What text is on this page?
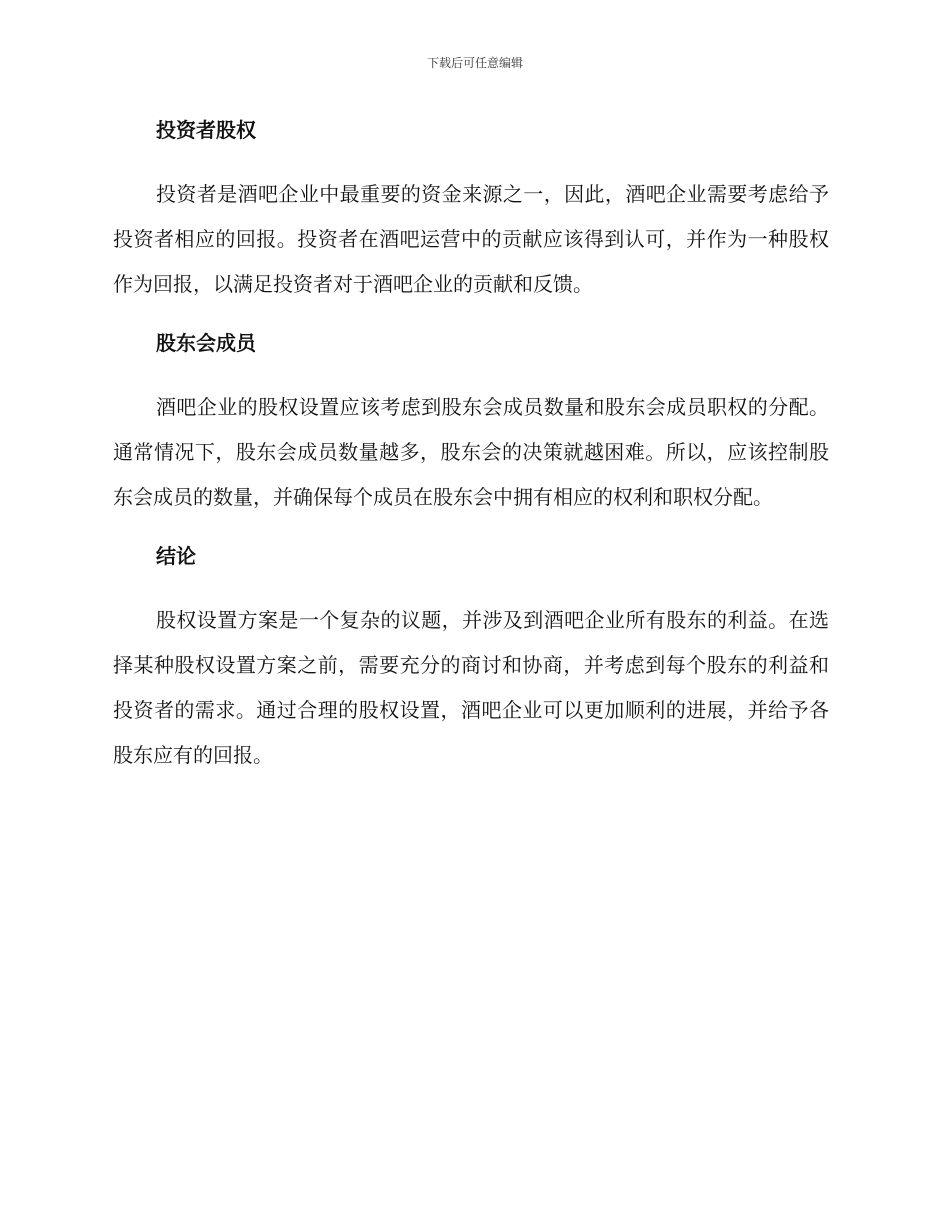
下载后可任意编辑
投资者股权

投资者是酒吧企业中最重要的资金来源之一，因此，酒吧企业需要考虑给予投资者相应的回报。投资者在酒吧运营中的贡献应该得到认可，并作为一种股权作为回报，以满足投资者对于酒吧企业的贡献和反馈。

股东会成员

酒吧企业的股权设置应该考虑到股东会成员数量和股东会成员职权的分配。通常情况下，股东会成员数量越多，股东会的决策就越困难。所以，应该控制股东会成员的数量，并确保每个成员在股东会中拥有相应的权利和职权分配。

结论

股权设置方案是一个复杂的议题，并涉及到酒吧企业所有股东的利益。在选择某种股权设置方案之前，需要充分的商讨和协商，并考虑到每个股东的利益和投资者的需求。通过合理的股权设置，酒吧企业可以更加顺利的进展，并给予各股东应有的回报。
